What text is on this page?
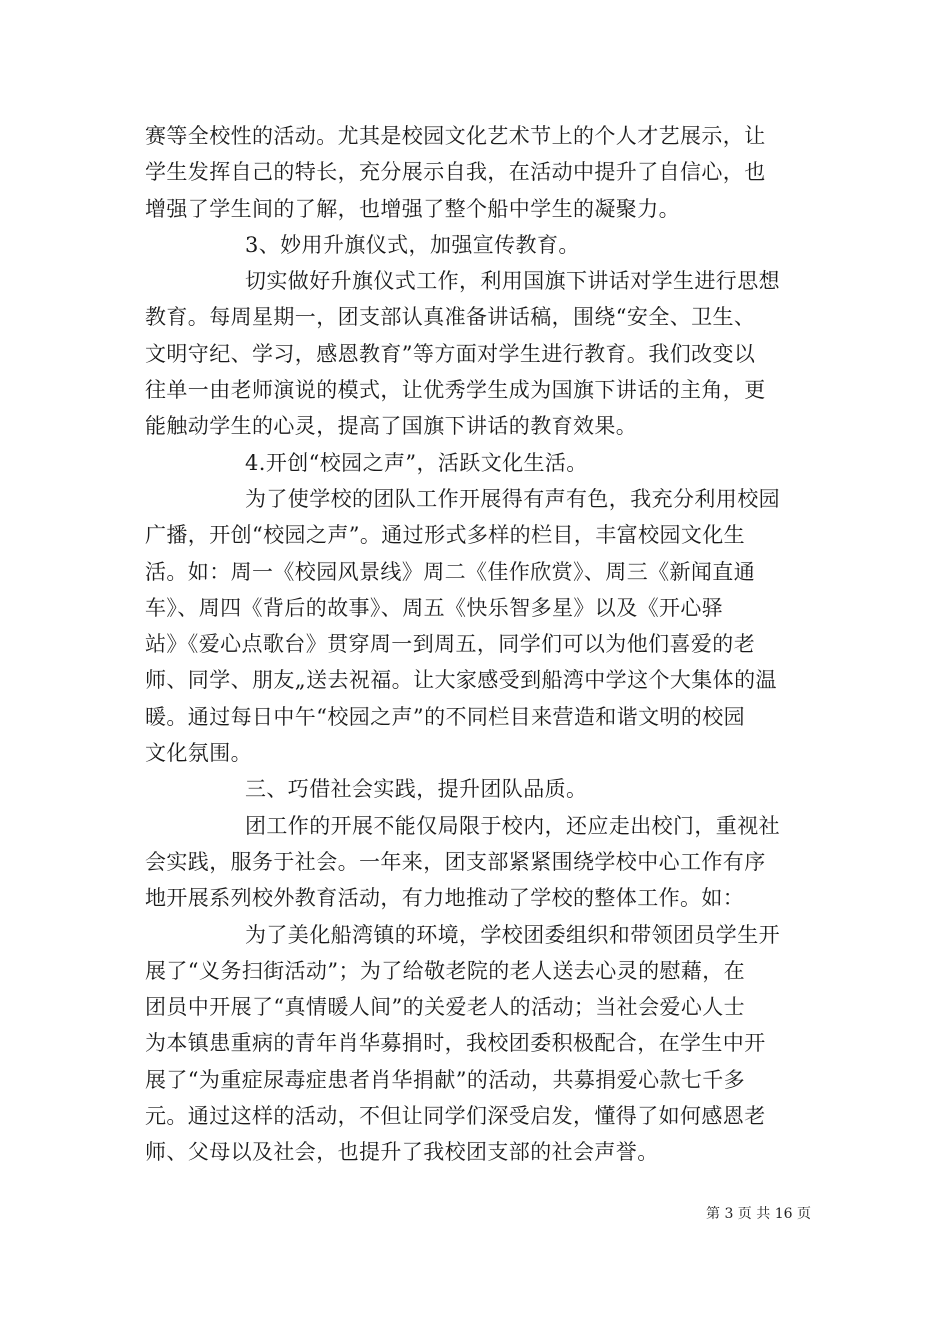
赛等全校性的活动。尤其是校园文化艺术节上的个人才艺展示，让
学生发挥自己的特长，充分展示自我，在活动中提升了自信心，也
增强了学生间的了解，也增强了整个船中学生的凝聚力。
3、妙用升旗仪式，加强宣传教育。
切实做好升旗仪式工作，利用国旗下讲话对学生进行思想
教育。每周星期一，团支部认真准备讲话稿，围绕“安全、卫生、
文明守纪、学习，感恩教育”等方面对学生进行教育。我们改变以
往单一由老师演说的模式，让优秀学生成为国旗下讲话的主角，更
能触动学生的心灵，提高了国旗下讲话的教育效果。
4.开创“校园之声”，活跃文化生活。
为了使学校的团队工作开展得有声有色，我充分利用校园
广播，开创“校园之声”。通过形式多样的栏目，丰富校园文化生
活。如：周一《校园风景线》周二《佳作欣赏》、周三《新闻直通
车》、周四《背后的故事》、周五《快乐智多星》以及《开心驿
站》《爱心点歌台》贯穿周一到周五，同学们可以为他们喜爱的老
师、同学、朋友„送去祝福。让大家感受到船湾中学这个大集体的温
暖。通过每日中午“校园之声”的不同栏目来营造和谐文明的校园
文化氛围。
三、巧借社会实践，提升团队品质。
团工作的开展不能仅局限于校内，还应走出校门，重视社
会实践，服务于社会。一年来，团支部紧紧围绕学校中心工作有序
地开展系列校外教育活动，有力地推动了学校的整体工作。如：
为了美化船湾镇的环境，学校团委组织和带领团员学生开
展了“义务扫街活动”；为了给敬老院的老人送去心灵的慰藉，在
团员中开展了“真情暖人间”的关爱老人的活动；当社会爱心人士
为本镇患重病的青年肖华募捐时，我校团委积极配合，在学生中开
展了“为重症尿毒症患者肖华捐献”的活动，共募捐爱心款七千多
元。通过这样的活动，不但让同学们深受启发，懂得了如何感恩老
师、父母以及社会，也提升了我校团支部的社会声誉。
第 3 页 共 16 页
